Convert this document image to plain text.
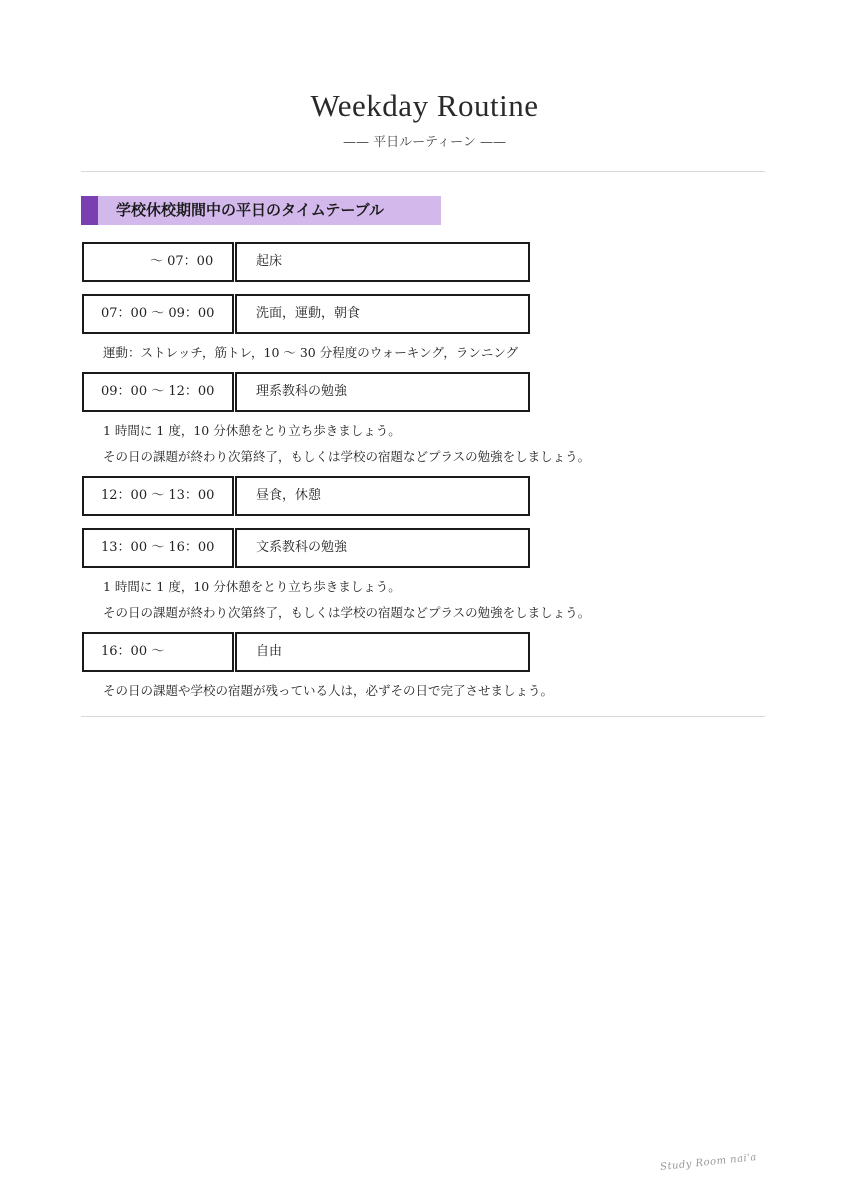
Weekday Routine
—— 平日ルーティーン ——
学校休校期間中の平日のタイムテーブル
～ 07：00	起床
07：00 ～ 09：00	洗面，運動，朝食
運動：ストレッチ，筋トレ，10 ～ 30 分程度のウォーキング，ランニング
09：00 ～ 12：00	理系教科の勉強
1 時間に 1 度，10 分休憩をとり立ち歩きましょう。
その日の課題が終わり次第終了，もしくは学校の宿題などプラスの勉強をしましょう。
12：00 ～ 13：00	昼食，休憩
13：00 ～ 16：00	文系教科の勉強
1 時間に 1 度，10 分休憩をとり立ち歩きましょう。
その日の課題が終わり次第終了，もしくは学校の宿題などプラスの勉強をしましょう。
16：00 ～	自由
その日の課題や学校の宿題が残っている人は，必ずその日で完了させましょう。
Study Room nai'a
